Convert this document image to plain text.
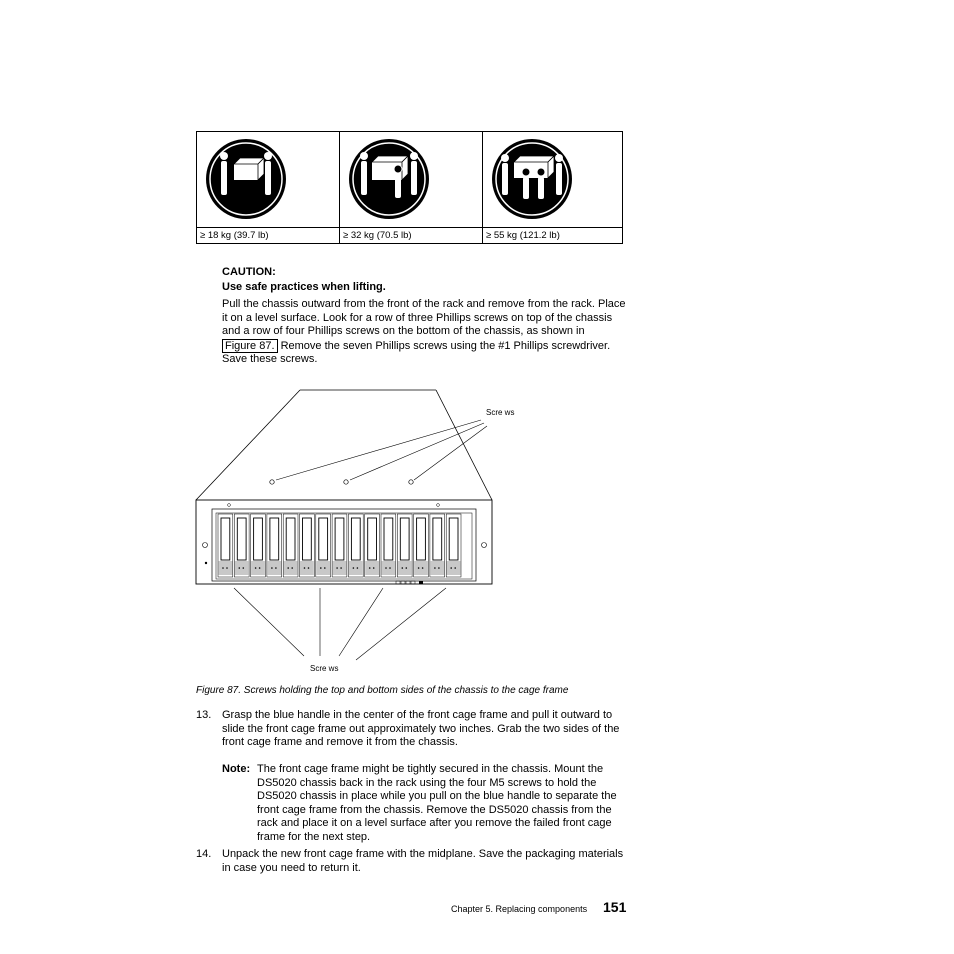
≥ 18 kg (39.7 lb)	≥ 32 kg (70.5 lb)	≥ 55 kg (121.2 lb)
CAUTION:
Use safe practices when lifting.
Pull the chassis outward from the front of the rack and remove from the rack. Place it on a level surface. Look for a row of three Phillips screws on top of the chassis and a row of four Phillips screws on the bottom of the chassis, as shown in Figure 87. Remove the seven Phillips screws using the #1 Phillips screwdriver. Save these screws.
Scre ws
Scre ws
Figure 87. Screws holding the top and bottom sides of the chassis to the cage frame
13. Grasp the blue handle in the center of the front cage frame and pull it outward to slide the front cage frame out approximately two inches. Grab the two sides of the front cage frame and remove it from the chassis.
Note: The front cage frame might be tightly secured in the chassis. Mount the DS5020 chassis back in the rack using the four M5 screws to hold the DS5020 chassis in place while you pull on the blue handle to separate the front cage frame from the chassis. Remove the DS5020 chassis from the rack and place it on a level surface after you remove the failed front cage frame for the next step.
14. Unpack the new front cage frame with the midplane. Save the packaging materials in case you need to return it.
Chapter 5. Replacing components 151
